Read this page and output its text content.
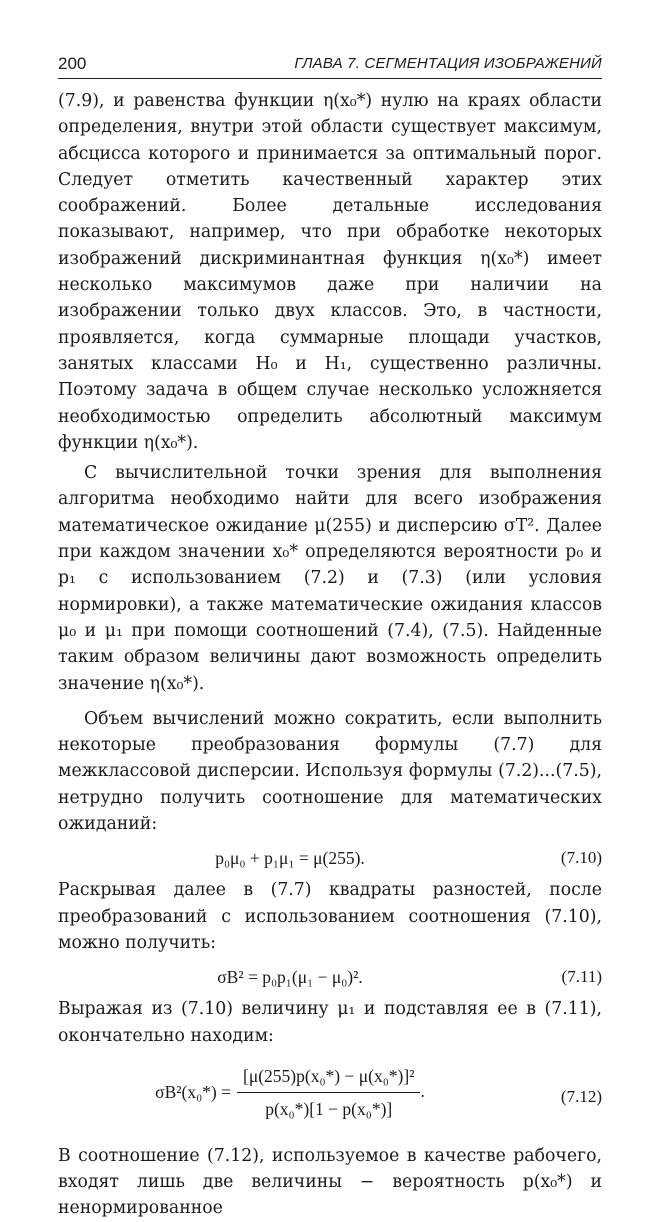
200	ГЛАВА 7. СЕГМЕНТАЦИЯ ИЗОБРАЖЕНИЙ

(7.9), и равенства функции η(x₀*) нулю на краях области определения, внутри этой области существует максимум, абсцисса которого и принимается за оптимальный порог. Следует отметить качественный характер этих соображений. Более детальные исследования показывают, например, что при обработке некоторых изображений дискриминантная функция η(x₀*) имеет несколько максимумов даже при наличии на изображении только двух классов. Это, в частности, проявляется, когда суммарные площади участков, занятых классами H₀ и H₁, существенно различны. Поэтому задача в общем случае несколько усложняется необходимостью определить абсолютный максимум функции η(x₀*).

С вычислительной точки зрения для выполнения алгоритма необходимо найти для всего изображения математическое ожидание μ(255) и дисперсию σT². Далее при каждом значении x₀* определяются вероятности p₀ и p₁ с использованием (7.2) и (7.3) (или условия нормировки), а также математические ожидания классов μ₀ и μ₁ при помощи соотношений (7.4), (7.5). Найденные таким образом величины дают возможность определить значение η(x₀*).

Объем вычислений можно сократить, если выполнить некоторые преобразования формулы (7.7) для межклассовой дисперсии. Используя формулы (7.2)...(7.5), нетрудно получить соотношение для математических ожиданий:

p₀μ₀ + p₁μ₁ = μ(255).	(7.10)

Раскрывая далее в (7.7) квадраты разностей, после преобразований с использованием соотношения (7.10), можно получить:

σB² = p₀p₁(μ₁ − μ₀)².	(7.11)

Выражая из (7.10) величину μ₁ и подставляя ее в (7.11), окончательно находим:

$\sigma B^2(x_0*) = \frac{\text{[μ(255)p(x₀*) − μ(x₀*)]²}}{\text{p(x₀*)[1 − p(x₀*)]}}$ .	(7.12)

В соотношение (7.12), используемое в качестве рабочего, входят лишь две величины − вероятность p(x₀*) и ненормированное
